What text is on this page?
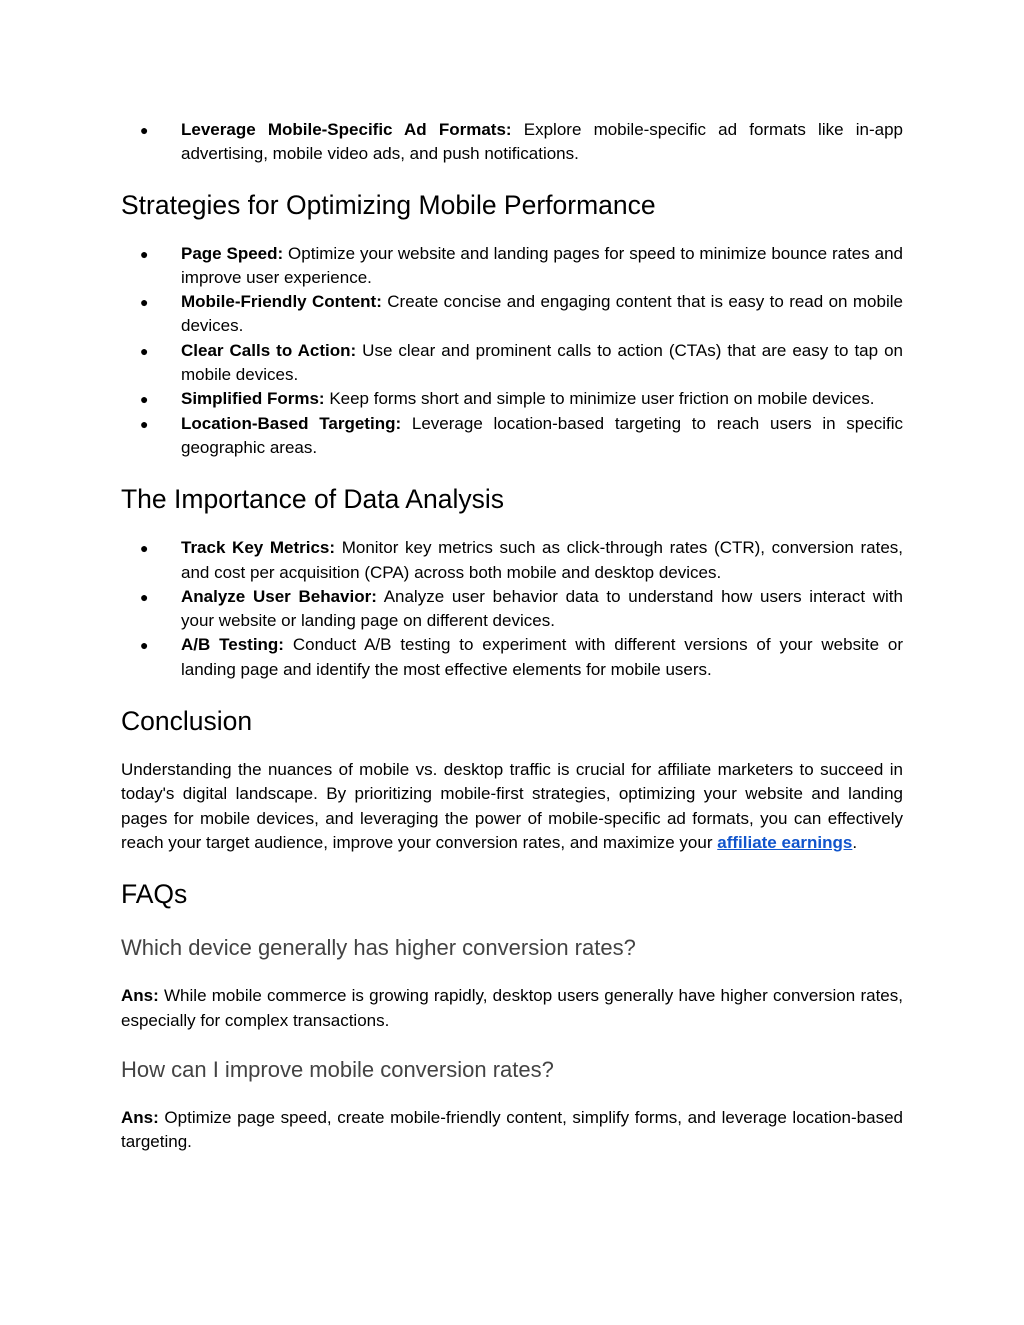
● Leverage Mobile-Specific Ad Formats: Explore mobile-specific ad formats like in-app advertising, mobile video ads, and push notifications.
Strategies for Optimizing Mobile Performance
● Page Speed: Optimize your website and landing pages for speed to minimize bounce rates and improve user experience.
● Mobile-Friendly Content: Create concise and engaging content that is easy to read on mobile devices.
● Clear Calls to Action: Use clear and prominent calls to action (CTAs) that are easy to tap on mobile devices.
● Simplified Forms: Keep forms short and simple to minimize user friction on mobile devices.
● Location-Based Targeting: Leverage location-based targeting to reach users in specific geographic areas.
The Importance of Data Analysis
● Track Key Metrics: Monitor key metrics such as click-through rates (CTR), conversion rates, and cost per acquisition (CPA) across both mobile and desktop devices.
● Analyze User Behavior: Analyze user behavior data to understand how users interact with your website or landing page on different devices.
● A/B Testing: Conduct A/B testing to experiment with different versions of your website or landing page and identify the most effective elements for mobile users.
Conclusion

Understanding the nuances of mobile vs. desktop traffic is crucial for affiliate marketers to succeed in today's digital landscape. By prioritizing mobile-first strategies, optimizing your website and landing pages for mobile devices, and leveraging the power of mobile-specific ad formats, you can effectively reach your target audience, improve your conversion rates, and maximize your affiliate earnings.

FAQs
Which device generally has higher conversion rates?

Ans: While mobile commerce is growing rapidly, desktop users generally have higher conversion rates, especially for complex transactions.

How can I improve mobile conversion rates?

Ans: Optimize page speed, create mobile-friendly content, simplify forms, and leverage location-based targeting.
